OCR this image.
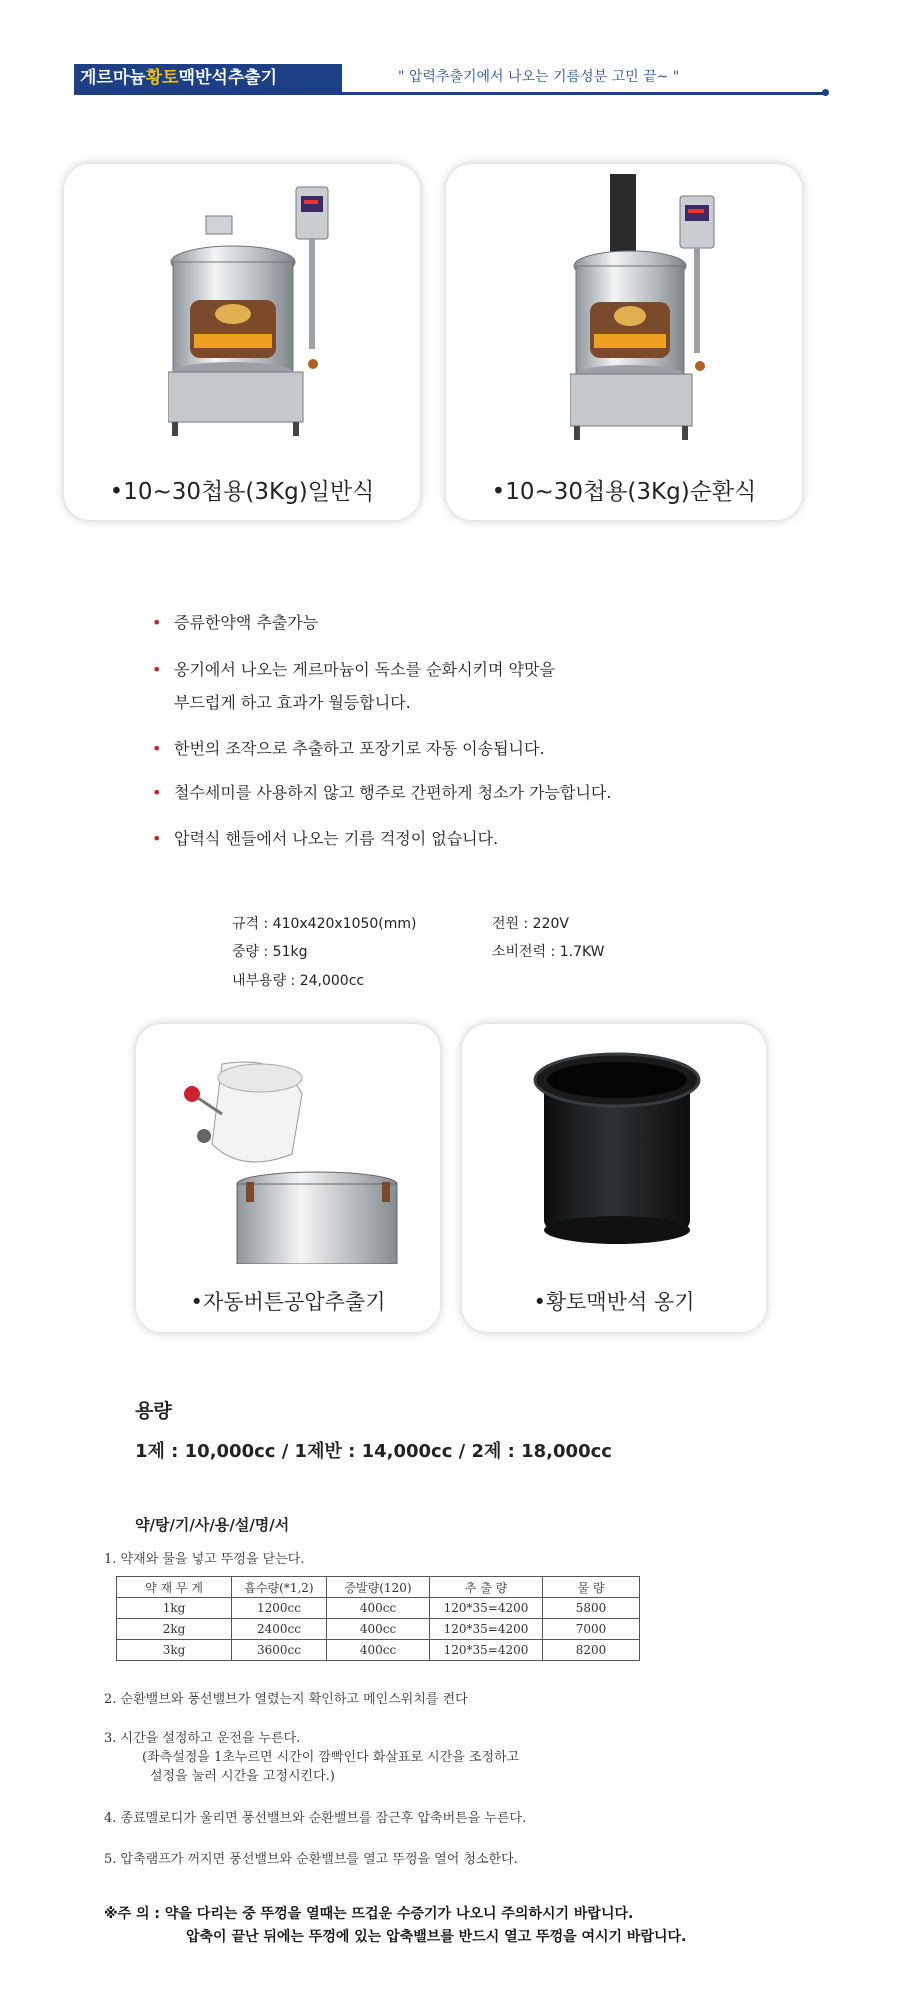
게르마늄황토맥반석추출기	" 압력추출기에서 나오는 기름성분 고민 끝~ "
•10~30첩용(3Kg)일반식	•10~30첩용(3Kg)순환식
• 증류한약액 추출가능
• 옹기에서 나오는 게르마늄이 독소를 순화시키며 약맛을
부드럽게 하고 효과가 월등합니다.
• 한번의 조작으로 추출하고 포장기로 자동 이송됩니다.
• 철수세미를 사용하지 않고 행주로 간편하게 청소가 가능합니다.
• 압력식 핸들에서 나오는 기름 걱정이 없습니다.
규격 : 410x420x1050(mm)	전원 : 220V
중량 : 51kg	소비전력 : 1.7KW
내부용량 : 24,000cc
•자동버튼공압추출기	•황토맥반석 옹기
용량
1제 : 10,000cc / 1제반 : 14,000cc / 2제 : 18,000cc
약/탕/기/사/용/설/명/서
1. 약재와 물을 넣고 뚜껑을 닫는다.
약 재 무 게	흡수량(*1,2)	증발량(120)	추 출 량	물 량
1kg	1200cc	400cc	120*35=4200	5800
2kg	2400cc	400cc	120*35=4200	7000
3kg	3600cc	400cc	120*35=4200	8200
2. 순환밸브와 풍선밸브가 열렸는지 확인하고 메인스위치를 켠다
3. 시간을 설정하고 운전을 누른다.
(좌측설정을 1초누르면 시간이 깜빡인다 화살표로 시간을 조정하고
설정을 눌러 시간을 고정시킨다.)
4. 종료멜로디가 울리면 풍선밸브와 순환밸브를 잠근후 압축버튼을 누른다.
5. 압축램프가 꺼지면 풍선밸브와 순환밸브를 열고 뚜껑을 열어 청소한다.
※주 의 : 약을 다리는 중 뚜껑을 열때는 뜨겁운 수증기가 나오니 주의하시기 바랍니다.
압축이 끝난 뒤에는 뚜껑에 있는 압축밸브를 반드시 열고 뚜껑을 여시기 바랍니다.
